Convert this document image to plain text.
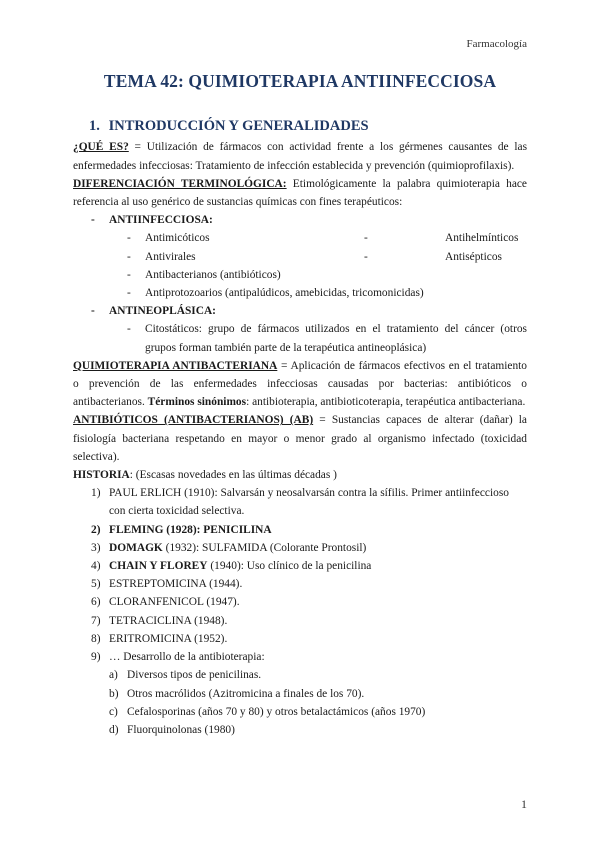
Farmacología
TEMA 42: QUIMIOTERAPIA ANTIINFECCIOSA
1. INTRODUCCIÓN Y GENERALIDADES

¿QUÉ ES? = Utilización de fármacos con actividad frente a los gérmenes causantes de las enfermedades infecciosas: Tratamiento de infección establecida y prevención (quimioprofilaxis).

DIFERENCIACIÓN TERMINOLÓGICA: Etimológicamente la palabra quimioterapia hace referencia al uso genérico de sustancias químicas con fines terapéuticos:

- ANTIINFECCIOSA:
- Antimicóticos
- Antivirales
-	Antihelmínticos
-	Antisépticos
- Antibacterianos (antibióticos)
- Antiprotozoarios (antipalúdicos, amebicidas, tricomonicidas)
- ANTINEOPLÁSICA:
- Citostáticos: grupo de fármacos utilizados en el tratamiento del cáncer (otros grupos forman también parte de la terapéutica antineoplásica)

QUIMIOTERAPIA ANTIBACTERIANA = Aplicación de fármacos efectivos en el tratamiento o prevención de las enfermedades infecciosas causadas por bacterias: antibióticos o antibacterianos. Términos sinónimos: antibioterapia, antibioticoterapia, terapéutica antibacteriana.

ANTIBIÓTICOS (ANTIBACTERIANOS) (AB) = Sustancias capaces de alterar (dañar) la fisiología bacteriana respetando en mayor o menor grado al organismo infectado (toxicidad selectiva).

HISTORIA: (Escasas novedades en las últimas décadas )

1) PAUL ERLICH (1910): Salvarsán y neosalvarsán contra la sífilis. Primer antiinfeccioso con cierta toxicidad selectiva.
2) FLEMING (1928): PENICILINA
3) DOMAGK (1932): SULFAMIDA (Colorante Prontosil)
4) CHAIN Y FLOREY (1940): Uso clínico de la penicilina
5) ESTREPTOMICINA (1944).
6) CLORANFENICOL (1947).
7) TETRACICLINA (1948).
8) ERITROMICINA (1952).
9) … Desarrollo de la antibioterapia:
a) Diversos tipos de penicilinas.
b) Otros macrólidos (Azitromicina a finales de los 70).
c) Cefalosporinas (años 70 y 80) y otros betalactámicos (años 1970)
d) Fluorquinolonas (1980)
1
